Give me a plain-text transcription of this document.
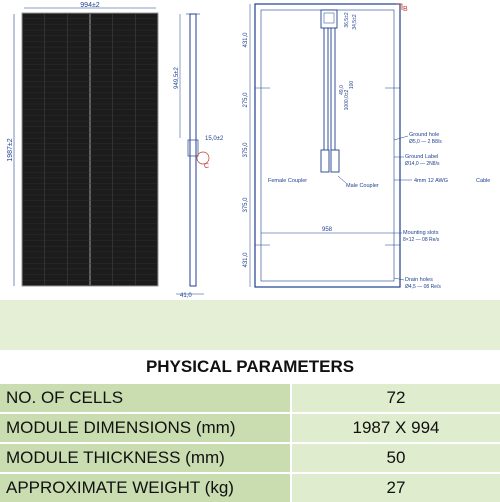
994±2
1987±2
949,5±2
15,0±2
C
41,0
B
431,0
275,0
375,0
375,0
431,0
36,5±2 34,5±2
49,0 1000,0±2
100
Ground hole
Ø5,0 — 2 B8/s
Ground Label
Ø14,0 — 2N8/s
Female Coupler
Male Coupler
4mm 12 AWG	Cable
958	Mounting slots
8×12 — 08 Re/s
Drain holes
Ø4,5 — 08 Re/s
PHYSICAL PARAMETERS	
NO. OF CELLS	72
MODULE DIMENSIONS (mm)	1987 X 994
MODULE THICKNESS (mm)	50
APPROXIMATE WEIGHT (kg)	27
